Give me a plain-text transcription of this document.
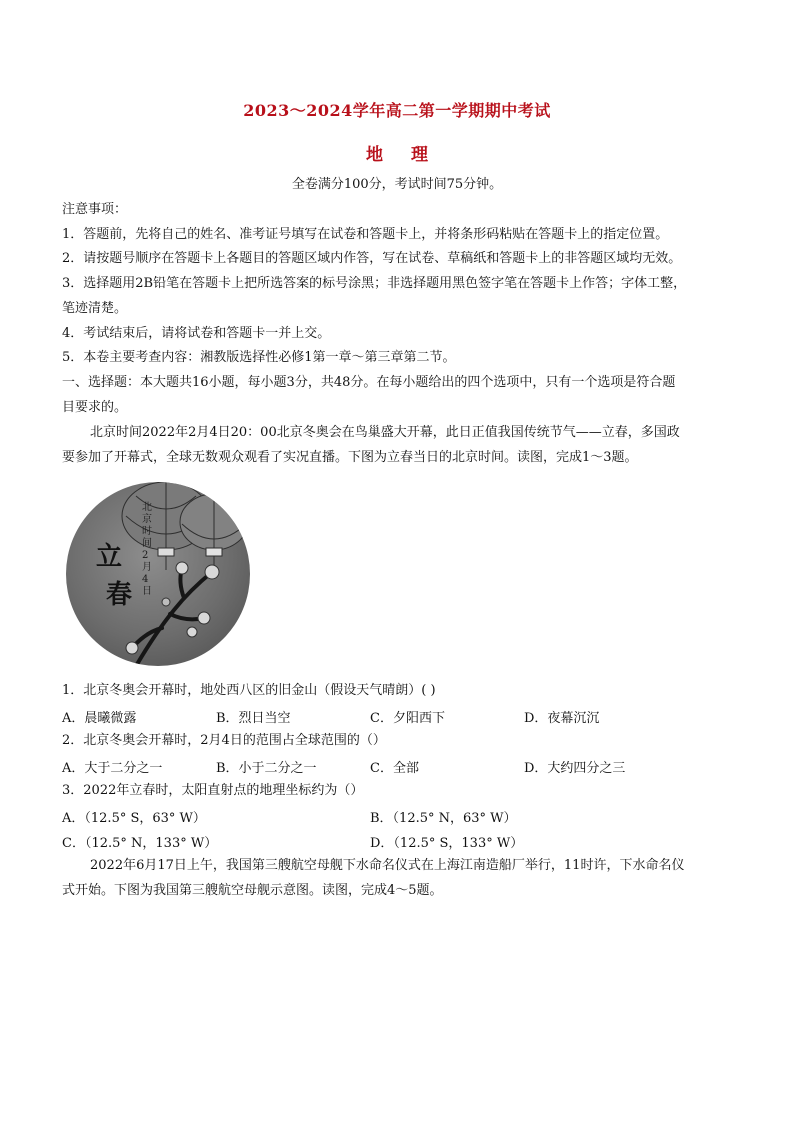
2023～2024学年高二第一学期期中考试
地理
全卷满分100分，考试时间75分钟。
注意事项：
1．答题前，先将自己的姓名、准考证号填写在试卷和答题卡上，并将条形码粘贴在答题卡上的指定位置。
2．请按题号顺序在答题卡上各题目的答题区域内作答，写在试卷、草稿纸和答题卡上的非答题区域均无效。
3．选择题用2B铅笔在答题卡上把所选答案的标号涂黑；非选择题用黑色签字笔在答题卡上作答；字体工整，
笔迹清楚。
4．考试结束后，请将试卷和答题卡一并上交。
5．本卷主要考查内容：湘教版选择性必修1第一章～第三章第二节。
一、选择题：本大题共16小题，每小题3分，共48分。在每小题给出的四个选项中，只有一个选项是符合题
目要求的。
北京时间2022年2月4日20：00北京冬奥会在鸟巢盛大开幕，此日正值我国传统节气——立春，多国政
要参加了开幕式，全球无数观众观看了实况直播。下图为立春当日的北京时间。读图，完成1～3题。
立
春
北京时间2月4日
1．北京冬奥会开幕时，地处西八区的旧金山（假设天气晴朗）( )
A．晨曦微露	B．烈日当空	C．夕阳西下	D．夜幕沉沉
2．北京冬奥会开幕时，2月4日的范围占全球范围的（）
A．大于二分之一	B．小于二分之一	C．全部	D．大约四分之三
3．2022年立春时，太阳直射点的地理坐标约为（）
A．（12.5° S，63° W）	B．（12.5° N，63° W）
C．（12.5° N，133° W）	D．（12.5° S，133° W）
2022年6月17日上午，我国第三艘航空母舰下水命名仪式在上海江南造船厂举行，11时许，下水命名仪
式开始。下图为我国第三艘航空母舰示意图。读图，完成4～5题。
